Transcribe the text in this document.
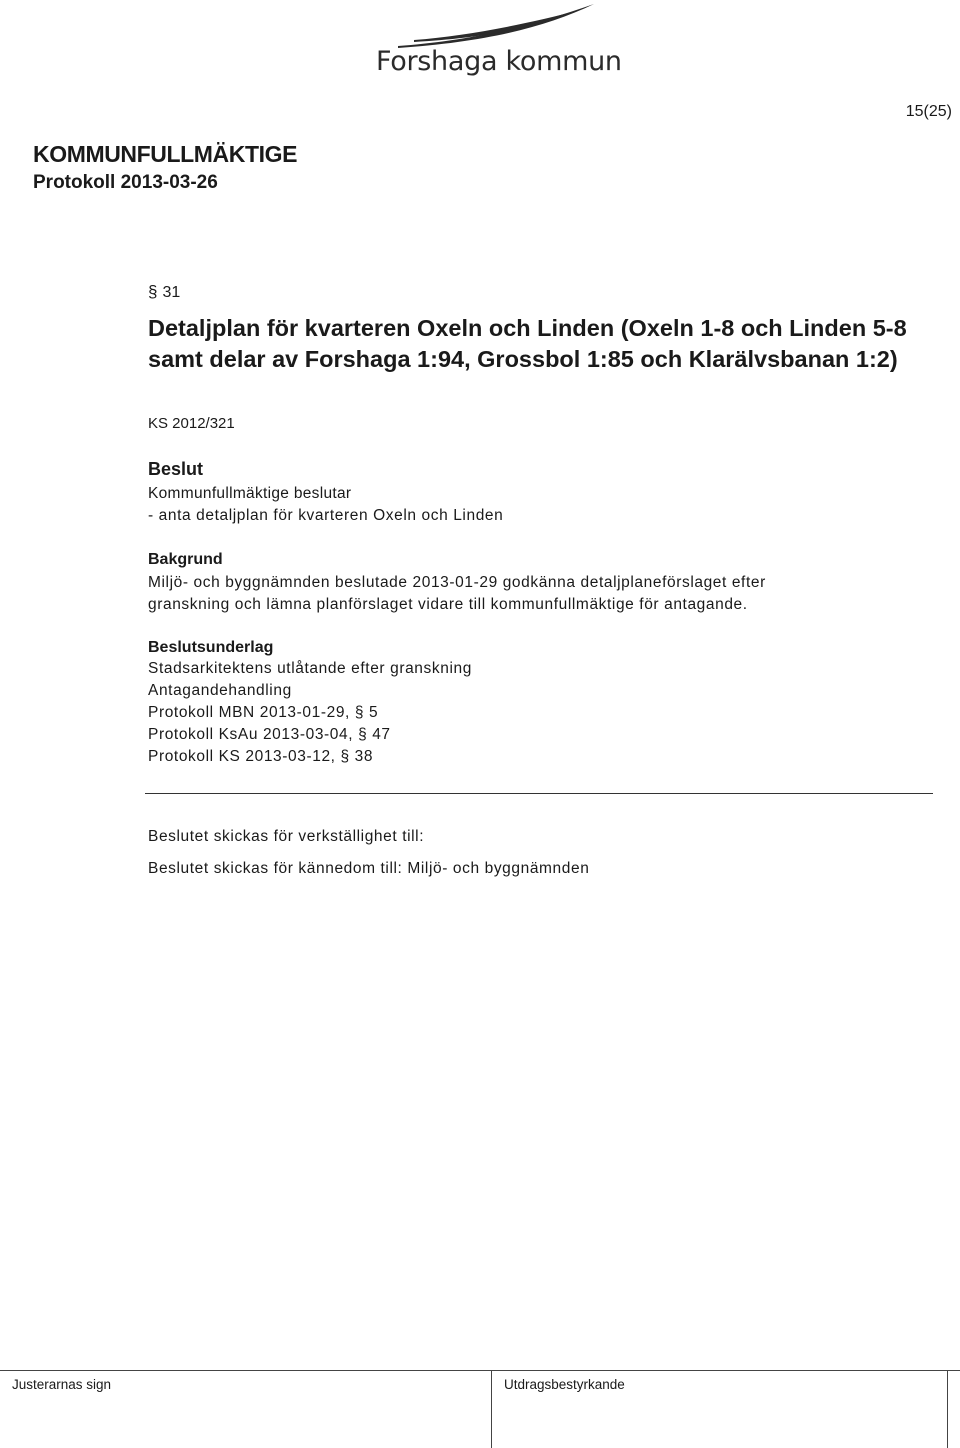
Forshaga kommun
15(25)
KOMMUNFULLMÄKTIGE
Protokoll 2013-03-26
§ 31
Detaljplan för kvarteren Oxeln och Linden (Oxeln 1-8 och Linden 5-8 samt delar av Forshaga 1:94, Grossbol 1:85 och Klarälvsbanan 1:2)
KS 2012/321
Beslut
Kommunfullmäktige beslutar
- anta detaljplan för kvarteren Oxeln och Linden
Bakgrund
Miljö- och byggnämnden beslutade 2013-01-29 godkänna detaljplaneförslaget efter
granskning och lämna planförslaget vidare till kommunfullmäktige för antagande.
Beslutsunderlag
Stadsarkitektens utlåtande efter granskning
Antagandehandling
Protokoll MBN 2013-01-29, § 5
Protokoll KsAu 2013-03-04, § 47
Protokoll KS 2013-03-12, § 38
Beslutet skickas för verkställighet till:
Beslutet skickas för kännedom till: Miljö- och byggnämnden
Justerarnas sign	Utdragsbestyrkande
